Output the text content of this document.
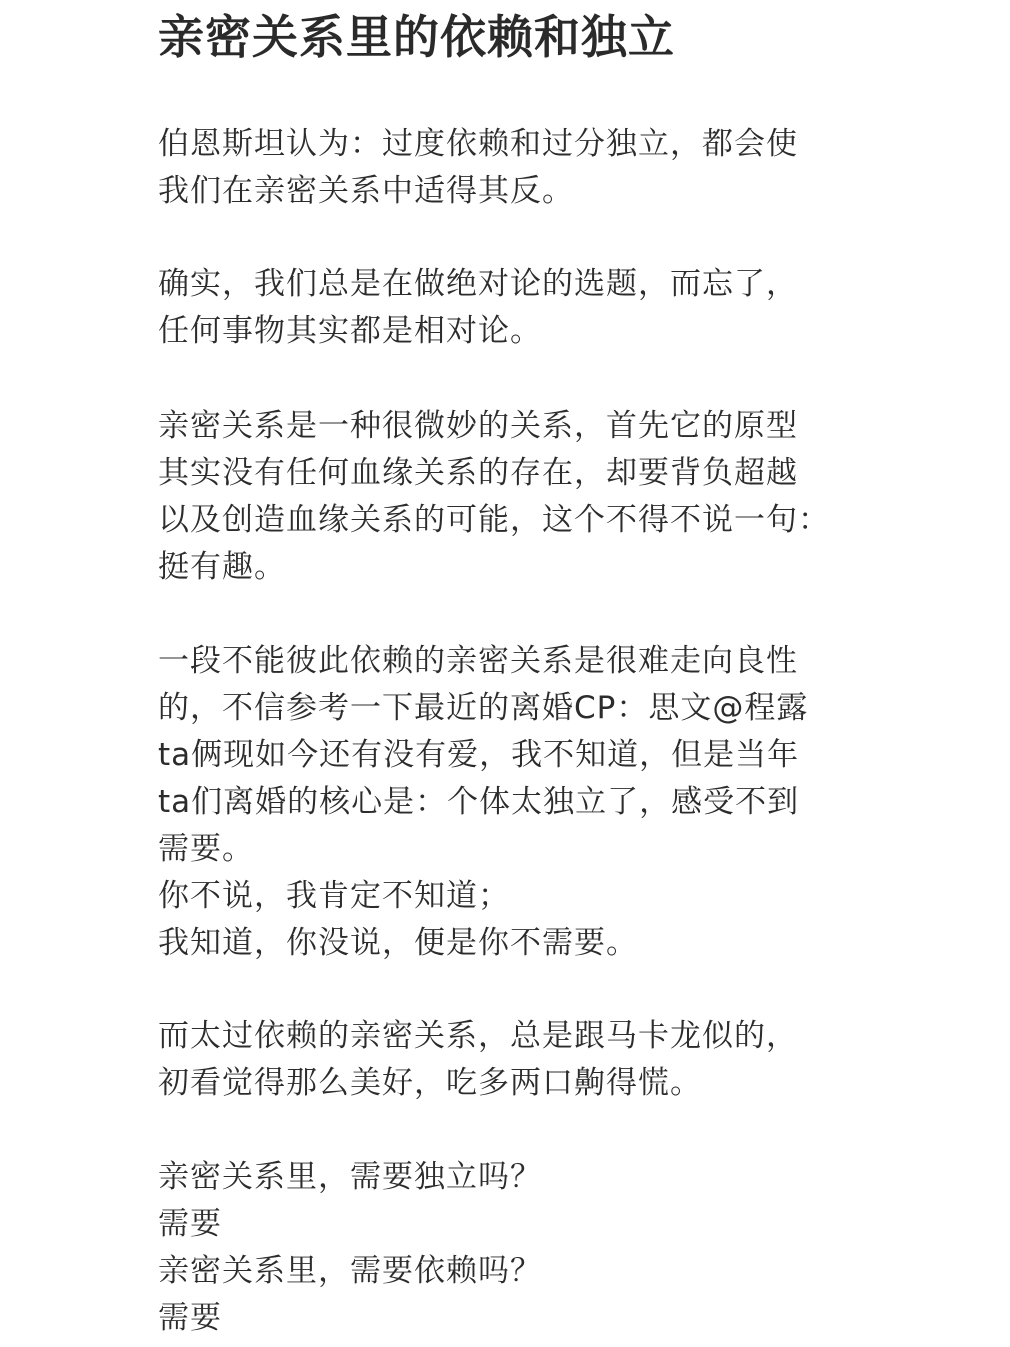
亲密关系里的依赖和独立

伯恩斯坦认为：过度依赖和过分独立，都会使
我们在亲密关系中适得其反。

确实，我们总是在做绝对论的选题，而忘了，
任何事物其实都是相对论。

亲密关系是一种很微妙的关系，首先它的原型
其实没有任何血缘关系的存在，却要背负超越
以及创造血缘关系的可能，这个不得不说一句：
挺有趣。

一段不能彼此依赖的亲密关系是很难走向良性
的，不信参考一下最近的离婚CP：思文@程露
ta俩现如今还有没有爱，我不知道，但是当年
ta们离婚的核心是：个体太独立了，感受不到
需要。
你不说，我肯定不知道；
我知道，你没说，便是你不需要。

而太过依赖的亲密关系，总是跟马卡龙似的，
初看觉得那么美好，吃多两口齁得慌。

亲密关系里，需要独立吗？
需要
亲密关系里，需要依赖吗？
需要
